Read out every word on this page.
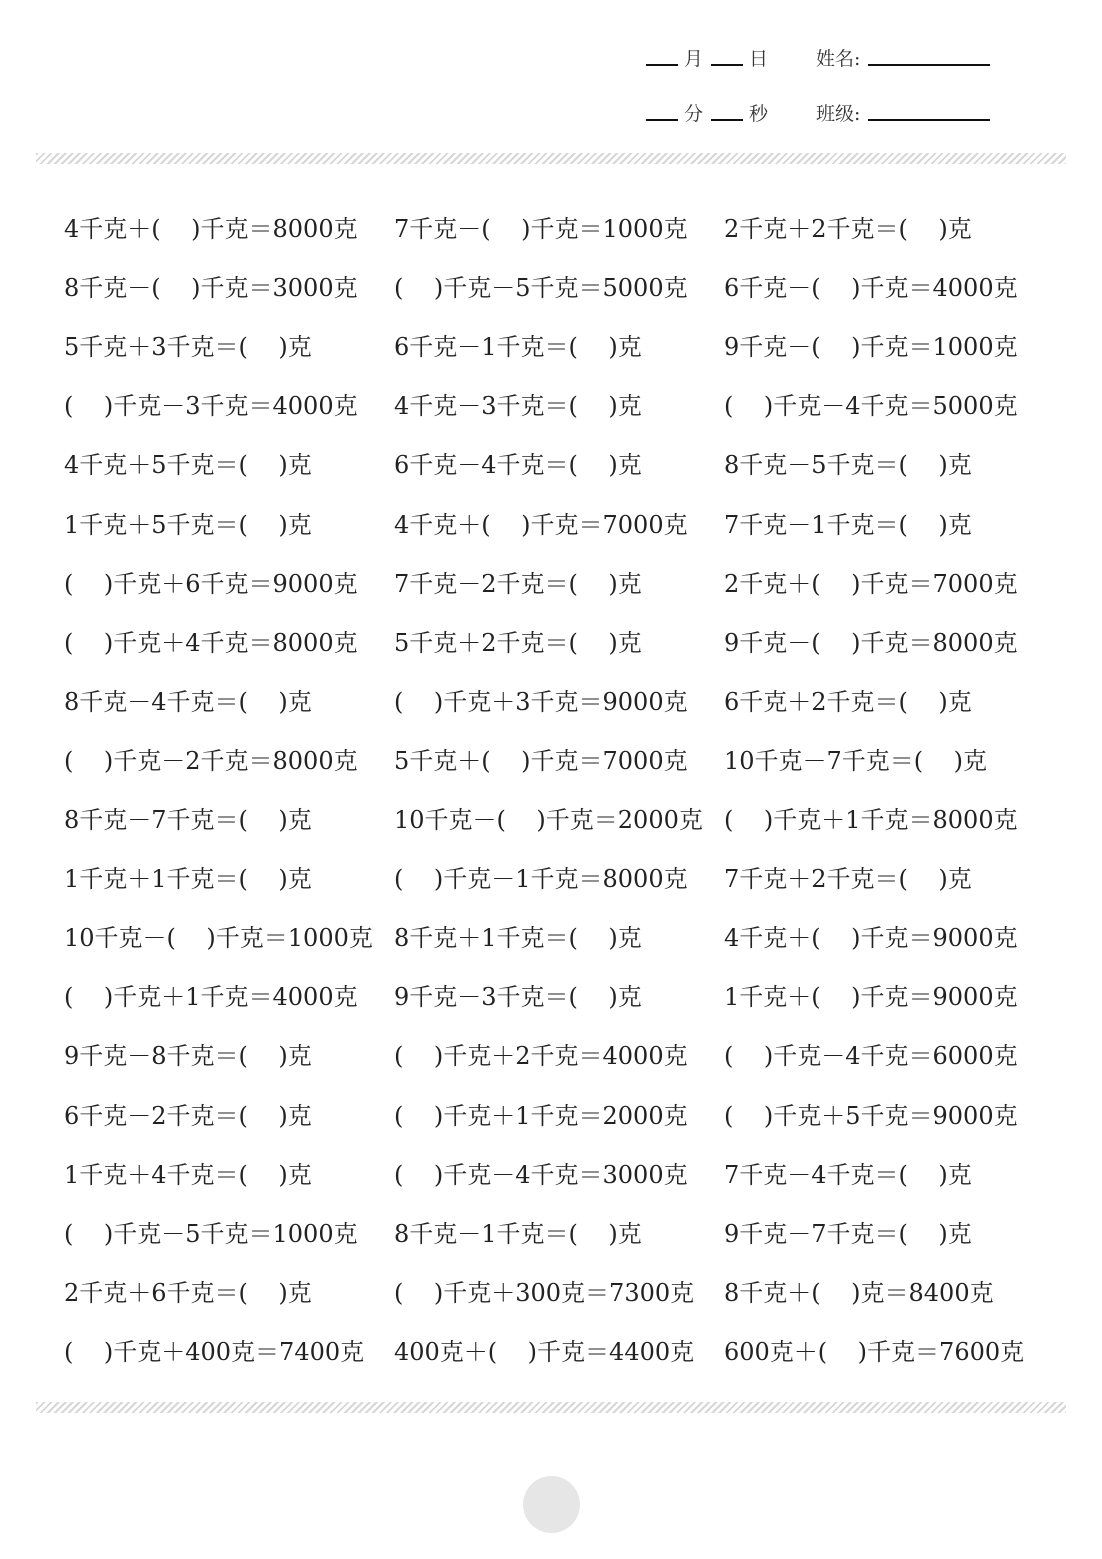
月 日	姓名:
分 秒	班级:
4千克＋(    )千克＝8000克 7千克－(    )千克＝1000克 2千克＋2千克＝(    )克
8千克－(    )千克＝3000克 (    )千克－5千克＝5000克 6千克－(    )千克＝4000克
5千克＋3千克＝(    )克	6千克－1千克＝(    )克	9千克－(    )千克＝1000克
(    )千克－3千克＝4000克 4千克－3千克＝(    )克	(    )千克－4千克＝5000克
4千克＋5千克＝(    )克	6千克－4千克＝(    )克	8千克－5千克＝(    )克
1千克＋5千克＝(    )克	4千克＋(    )千克＝7000克 7千克－1千克＝(    )克
(    )千克＋6千克＝9000克 7千克－2千克＝(    )克	2千克＋(    )千克＝7000克
(    )千克＋4千克＝8000克 5千克＋2千克＝(    )克	9千克－(    )千克＝8000克
8千克－4千克＝(    )克	(    )千克＋3千克＝9000克 6千克＋2千克＝(    )克
(    )千克－2千克＝8000克 5千克＋(    )千克＝7000克 10千克－7千克＝(    )克
8千克－7千克＝(    )克	10千克－(    )千克＝2000克 (    )千克＋1千克＝8000克
1千克＋1千克＝(    )克	(    )千克－1千克＝8000克 7千克＋2千克＝(    )克
10千克－(    )千克＝1000克 8千克＋1千克＝(    )克	4千克＋(    )千克＝9000克
(    )千克＋1千克＝4000克 9千克－3千克＝(    )克	1千克＋(    )千克＝9000克
9千克－8千克＝(    )克	(    )千克＋2千克＝4000克 (    )千克－4千克＝6000克
6千克－2千克＝(    )克	(    )千克＋1千克＝2000克 (    )千克＋5千克＝9000克
1千克＋4千克＝(    )克	(    )千克－4千克＝3000克 7千克－4千克＝(    )克
(    )千克－5千克＝1000克 8千克－1千克＝(    )克	9千克－7千克＝(    )克
2千克＋6千克＝(    )克	(    )千克＋300克＝7300克 8千克＋(    )克＝8400克
(    )千克＋400克＝7400克 400克＋(    )千克＝4400克 600克＋(    )千克＝7600克
